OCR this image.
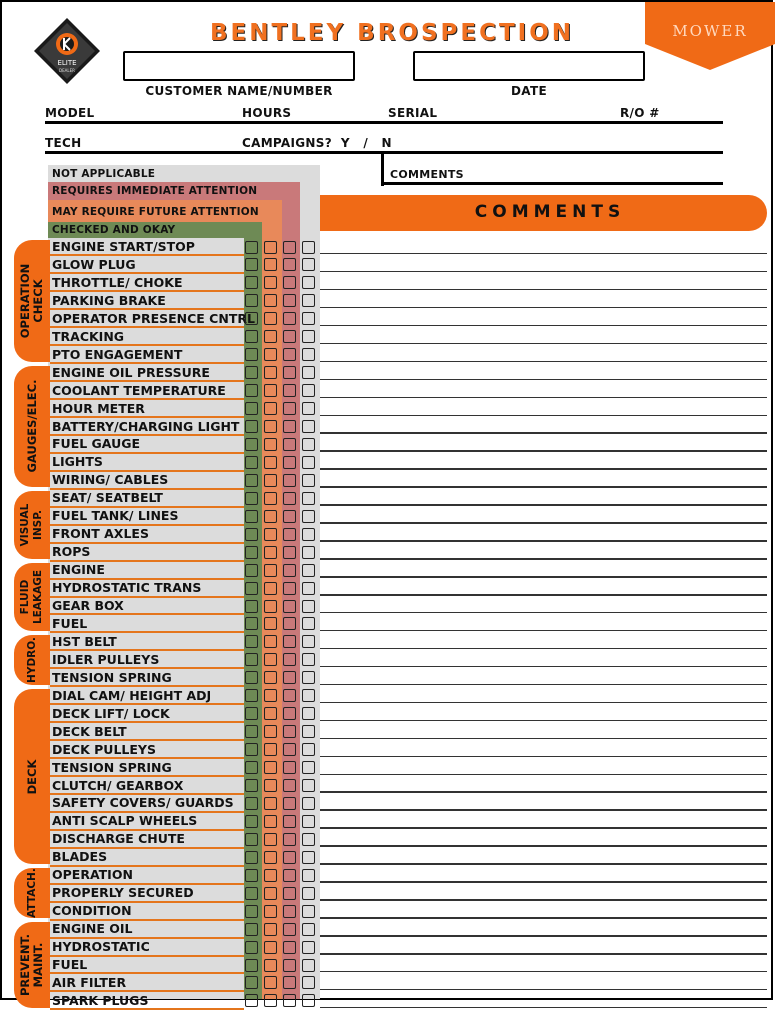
ELITE
DEALER
BENTLEY BROSPECTION	MOWER
CUSTOMER NAME/NUMBER	DATE
MODEL	HOURS	SERIAL	R/O #
TECH	CAMPAIGNS?  Y   /   N
COMMENTS
NOT APPLICABLE
REQUIRES IMMEDIATE ATTENTION
MAY REQUIRE FUTURE ATTENTION
CHECKED AND OKAY
COMMENTS
ENGINE START/STOP
GLOW PLUG
THROTTLE/ CHOKE
PARKING BRAKE
OPERATOR PRESENCE CNTRL
TRACKING
PTO ENGAGEMENT
OPERATION CHECK
ENGINE OIL PRESSURE
COOLANT TEMPERATURE
HOUR METER
BATTERY/CHARGING LIGHT
FUEL GAUGE
LIGHTS
WIRING/ CABLES
GAUGES/ELEC.
SEAT/ SEATBELT
FUEL TANK/ LINES
FRONT AXLES
ROPS
VISUAL INSP.
ENGINE
HYDROSTATIC TRANS
GEAR BOX
FUEL
FLUID LEAKAGE
HST BELT
IDLER PULLEYS
TENSION SPRING
HYDRO.
DIAL CAM/ HEIGHT ADJ
DECK LIFT/ LOCK
DECK BELT
DECK PULLEYS
TENSION SPRING
CLUTCH/ GEARBOX
SAFETY COVERS/ GUARDS
ANTI SCALP WHEELS
DISCHARGE CHUTE
BLADES
DECK
OPERATION
PROPERLY SECURED
CONDITION
ATTACH.
ENGINE OIL
HYDROSTATIC
FUEL
AIR FILTER
SPARK PLUGS
PREVENT. MAINT.
